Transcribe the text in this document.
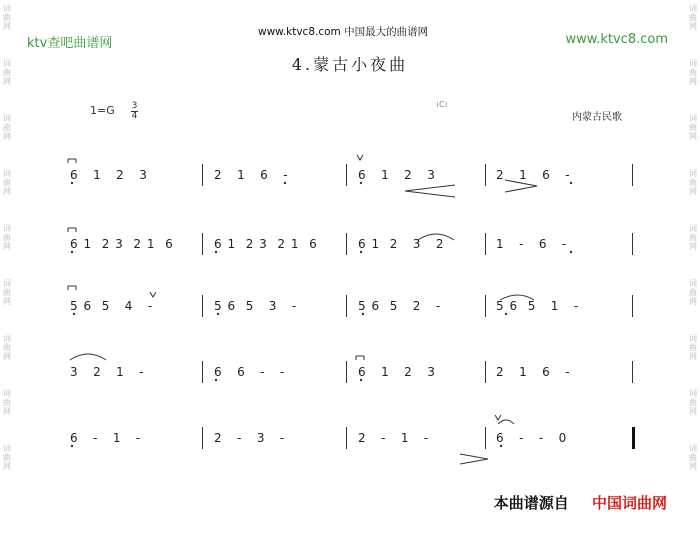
词
曲
网
词
曲
网
词
曲
网
词
曲
网
词
曲
网
词
曲
网
词
曲
网
词
曲
网
词
曲
网
词
曲
网
词
曲
网
词
曲
网
词
曲
网
词
曲
网
词
曲
网
词
曲
网
词
曲
网
词
曲
网
ktv查吧曲谱网
www.ktvc8.com 中国最大的曲谱网	www.ktvc8.com
4.蒙古小夜曲
1=G 3
4
≀C≀
内蒙古民歌
6   1   2   3	2   1   6   -	6   1   2   3	2   1   6   -
6 1  2 3  2 1  6	6 1  2 3  2 1  6	6 1  2   3   2	1   -   6   -
5 6  5   4   -	5 6  5   3   -	5 6  5   2   -	5 6  5   1   -
3   2   1   -	6   6   -   -	6   1   2   3	2   1   6   -
6   -   1   -	2   -   3   -	2   -   1   -	6   -   -   0
本曲谱源自 中国词曲网
